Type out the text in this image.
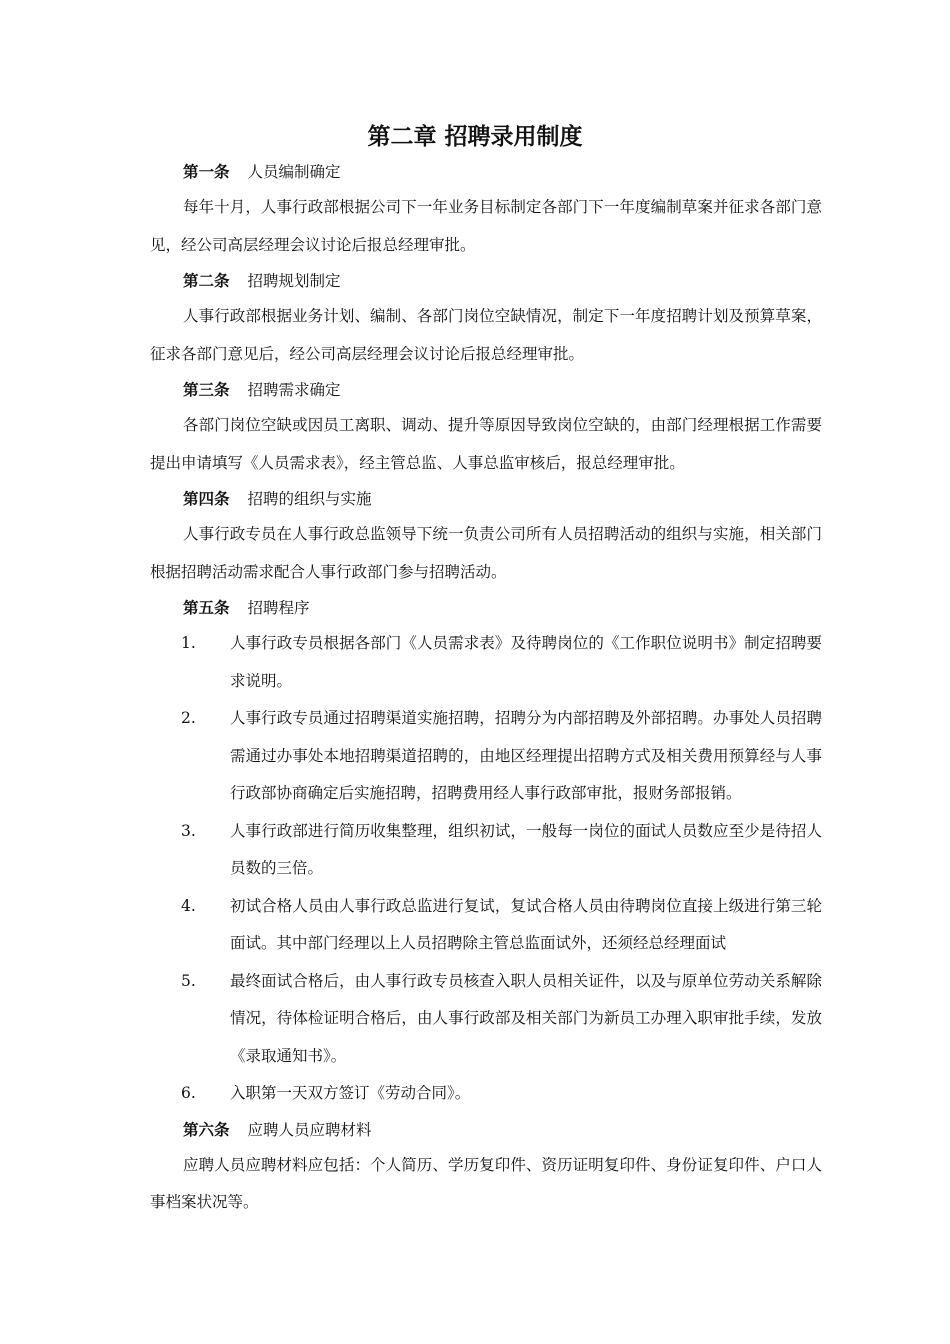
第二章 招聘录用制度
第一条 人员编制确定

每年十月，人事行政部根据公司下一年业务目标制定各部门下一年度编制草案并征求各部门意见，经公司高层经理会议讨论后报总经理审批。

第二条 招聘规划制定

人事行政部根据业务计划、编制、各部门岗位空缺情况，制定下一年度招聘计划及预算草案，征求各部门意见后，经公司高层经理会议讨论后报总经理审批。

第三条 招聘需求确定

各部门岗位空缺或因员工离职、调动、提升等原因导致岗位空缺的，由部门经理根据工作需要提出申请填写《人员需求表》，经主管总监、人事总监审核后，报总经理审批。

第四条 招聘的组织与实施

人事行政专员在人事行政总监领导下统一负责公司所有人员招聘活动的组织与实施，相关部门根据招聘活动需求配合人事行政部门参与招聘活动。

第五条 招聘程序
1. 人事行政专员根据各部门《人员需求表》及待聘岗位的《工作职位说明书》制定招聘要求说明。
2. 人事行政专员通过招聘渠道实施招聘，招聘分为内部招聘及外部招聘。办事处人员招聘需通过办事处本地招聘渠道招聘的，由地区经理提出招聘方式及相关费用预算经与人事行政部协商确定后实施招聘，招聘费用经人事行政部审批，报财务部报销。
3. 人事行政部进行简历收集整理，组织初试，一般每一岗位的面试人员数应至少是待招人员数的三倍。
4. 初试合格人员由人事行政总监进行复试，复试合格人员由待聘岗位直接上级进行第三轮面试。其中部门经理以上人员招聘除主管总监面试外，还须经总经理面试
5. 最终面试合格后，由人事行政专员核查入职人员相关证件，以及与原单位劳动关系解除情况，待体检证明合格后，由人事行政部及相关部门为新员工办理入职审批手续，发放《录取通知书》。
6. 入职第一天双方签订《劳动合同》。
第六条 应聘人员应聘材料

应聘人员应聘材料应包括：个人简历、学历复印件、资历证明复印件、身份证复印件、户口人事档案状况等。
